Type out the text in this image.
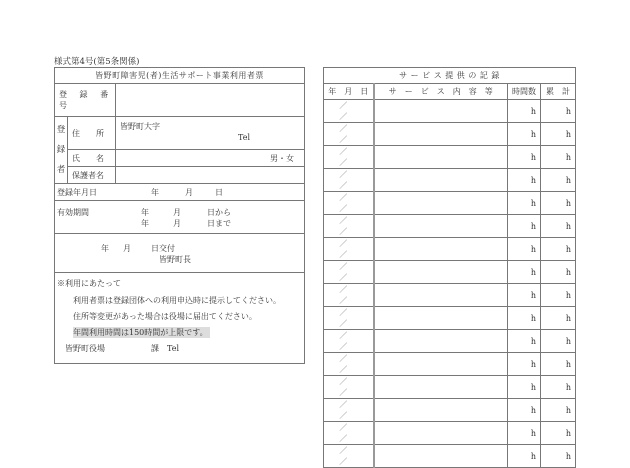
様式第4号(第5条関係)
皆野町障害児(者)生活サポート事業利用者票		
登 録 番 号		
登
録
者	住　　所	皆野町大字
Tel

	氏　　名	男・女
	保護者名	

登録年月日 年 月 日		

有効期間	年	月	日から
年	月	日まで

年 月 日交付
皆野町長		

※利用にあたって
利用者票は登録団体への利用申込時に提示してください。
住所等変更があった場合は役場に届出てください。
年間利用時間は150時間が上限です。
皆野町役場	課　Tel
サ ー ビ ス 提 供 の 記 録			
年　月　日	サ　ー　ビ　ス　内　容　等	時間数	累　計
／ ／		h	h
／ ／		h	h
／ ／		h	h
／ ／		h	h
／ ／		h	h
／ ／		h	h
／ ／		h	h
／ ／		h	h
／ ／		h	h
／ ／		h	h
／ ／		h	h
／ ／		h	h
／ ／		h	h
／ ／		h	h
／ ／		h	h
／ ／		h	h
